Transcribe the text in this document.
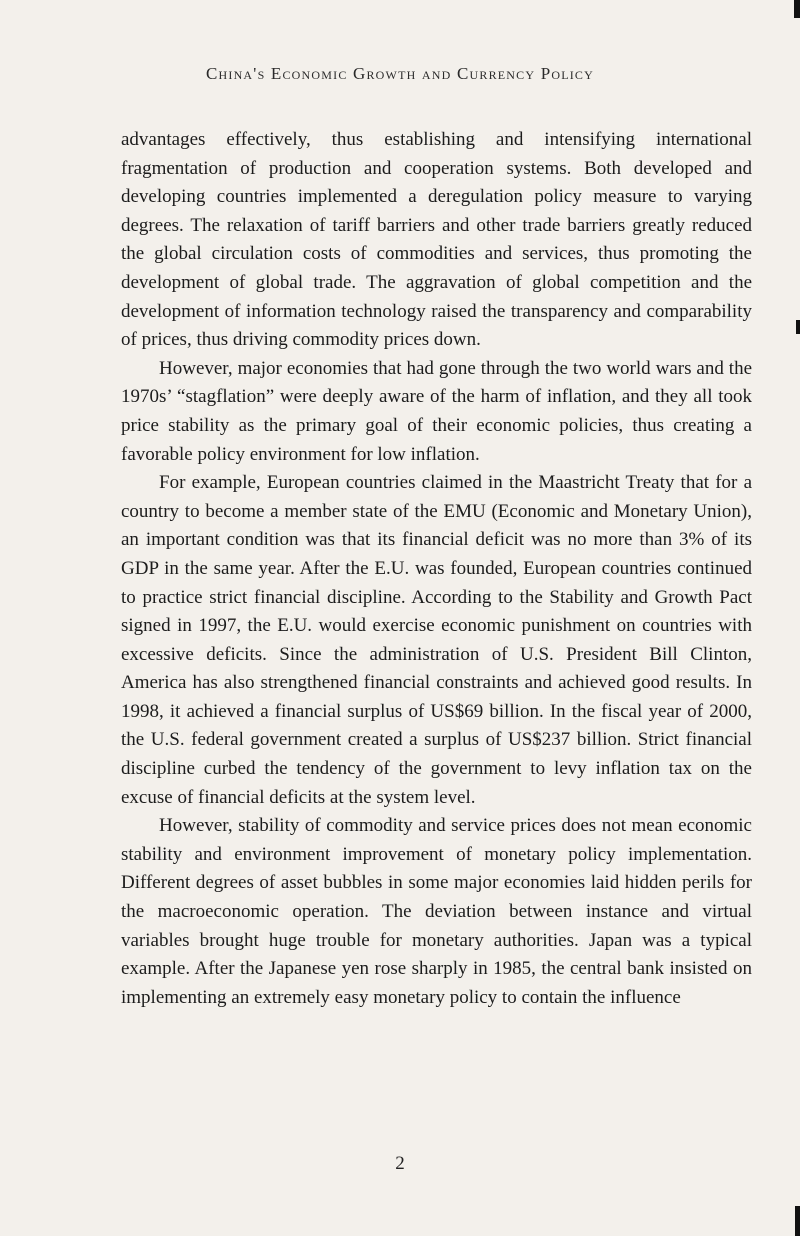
China's Economic Growth and Currency Policy

advantages effectively, thus establishing and intensifying international fragmentation of production and cooperation systems. Both developed and developing countries implemented a deregulation policy measure to varying degrees. The relaxation of tariff barriers and other trade barriers greatly reduced the global circulation costs of commodities and services, thus promoting the development of global trade. The aggravation of global competition and the development of information technology raised the transparency and comparability of prices, thus driving commodity prices down.

However, major economies that had gone through the two world wars and the 1970s’ “stagflation” were deeply aware of the harm of inflation, and they all took price stability as the primary goal of their economic policies, thus creating a favorable policy environment for low inflation.

For example, European countries claimed in the Maastricht Treaty that for a country to become a member state of the EMU (Economic and Monetary Union), an important condition was that its financial deficit was no more than 3% of its GDP in the same year. After the E.U. was founded, European countries continued to practice strict financial discipline. According to the Stability and Growth Pact signed in 1997, the E.U. would exercise economic punishment on countries with excessive deficits. Since the administration of U.S. President Bill Clinton, America has also strengthened financial constraints and achieved good results. In 1998, it achieved a financial surplus of US$69 billion. In the fiscal year of 2000, the U.S. federal government created a surplus of US$237 billion. Strict financial discipline curbed the tendency of the government to levy inflation tax on the excuse of financial deficits at the system level.

However, stability of commodity and service prices does not mean economic stability and environment improvement of monetary policy implementation. Different degrees of asset bubbles in some major economies laid hidden perils for the macroeconomic operation. The deviation between instance and virtual variables brought huge trouble for monetary authorities. Japan was a typical example. After the Japanese yen rose sharply in 1985, the central bank insisted on implementing an extremely easy monetary policy to contain the influence

2
